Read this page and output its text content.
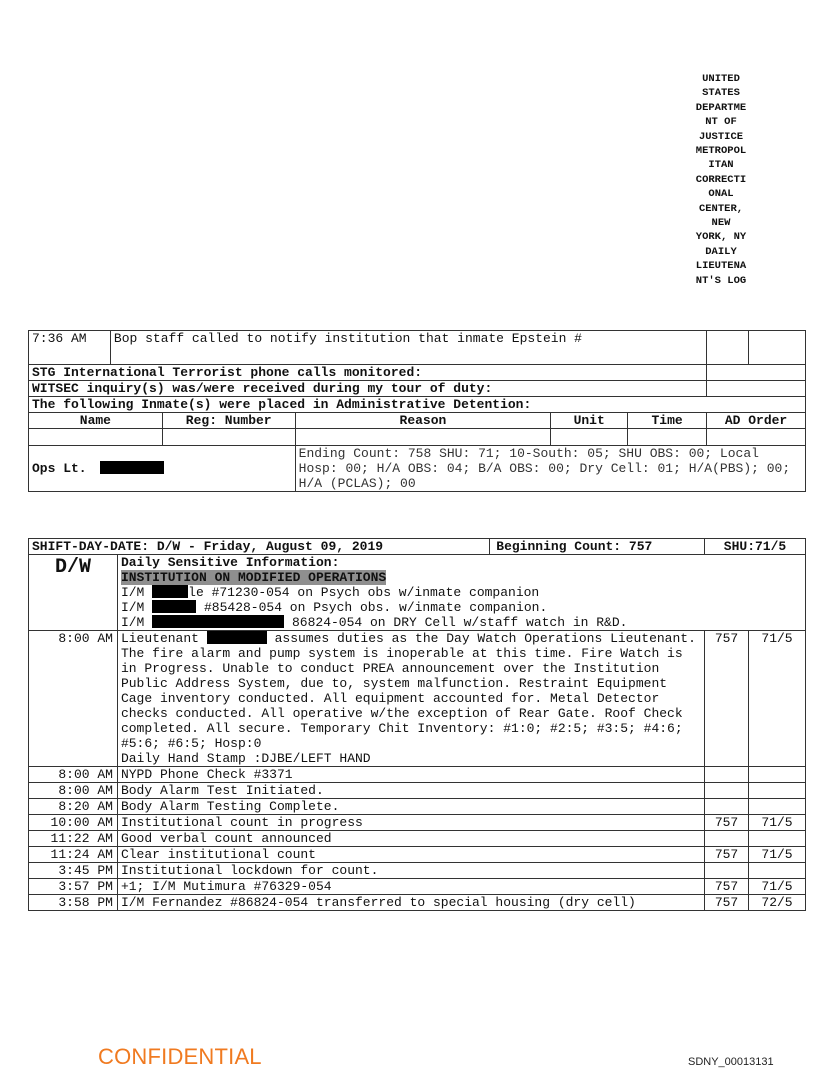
UNITED
STATES
DEPARTME
NT OF
JUSTICE
METROPOL
ITAN
CORRECTI
ONAL
CENTER,
NEW
YORK, NY
DAILY
LIEUTENA
NT'S LOG
7:36 AM	Bop staff called to notify institution that inmate Epstein #						
STG International Terrorist phone calls monitored:							
WITSEC inquiry(s) was/were received during my tour of duty:							
The following Inmate(s) were placed in Administrative Detention:							
Name		Reg: Number	Reason	Unit	Time	AD Order	

Ops Lt.			Ending Count: 758 SHU: 71; 10-South: 05; SHU OBS: 00; Local Hosp: 00; H/A OBS: 04; B/A OBS: 00; Dry Cell: 01; H/A(PBS); 00; H/A (PCLAS); 00				
SHIFT-DAY-DATE: D/W - Friday, August 09, 2019		Beginning Count: 757	SHU:71/5	
D/W	Daily Sensitive Information:
INSTITUTION ON MODIFIED OPERATIONS
I/M le #71230-054 on Psych obs w/inmate companion
I/M #85428-054 on Psych obs. w/inmate companion.
I/M 86824-054 on DRY Cell w/staff watch in R&D.			

8:00 AM	Lieutenant assumes duties as the Day Watch Operations Lieutenant. The fire alarm and pump system is inoperable at this time. Fire Watch is in Progress. Unable to conduct PREA announcement over the Institution Public Address System, due to, system malfunction. Restraint Equipment Cage inventory conducted. All equipment accounted for. Metal Detector checks conducted. All operative w/the exception of Rear Gate. Roof Check completed. All secure. Temporary Chit Inventory: #1:0; #2:5; #3:5; #4:6; #5:6; #6:5; Hosp:0
Daily Hand Stamp :DJBE/LEFT HAND		757	71/5
8:00 AM	NYPD Phone Check #3371			
8:00 AM	Body Alarm Test Initiated.			
8:20 AM	Body Alarm Testing Complete.			
10:00 AM	Institutional count in progress		757	71/5
11:22 AM	Good verbal count announced			
11:24 AM	Clear institutional count		757	71/5
3:45 PM	Institutional lockdown for count.			
3:57 PM	+1; I/M Mutimura #76329-054		757	71/5
3:58 PM	I/M Fernandez #86824-054 transferred to special housing (dry cell)		757	72/5
CONFIDENTIAL	SDNY_00013131
